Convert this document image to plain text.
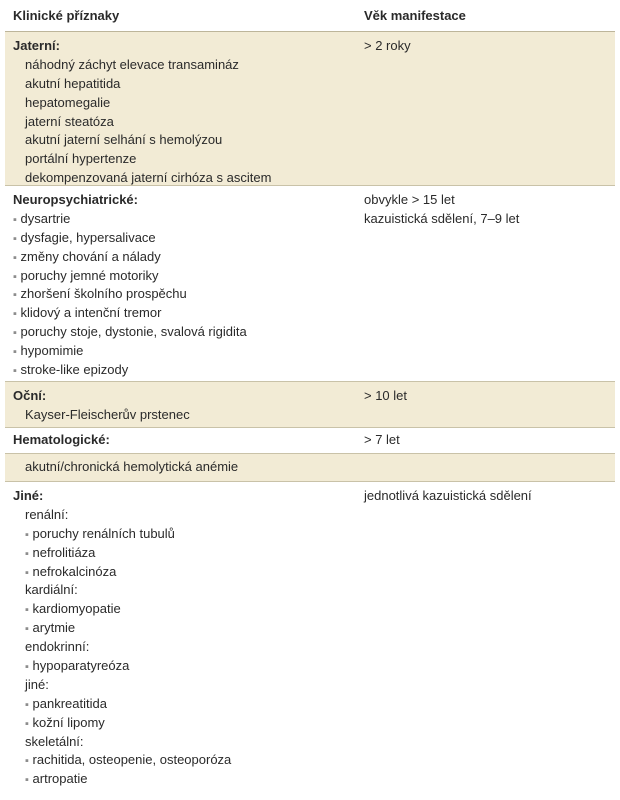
Klinické příznaky	Věk manifestace
Jaterní:
náhodný záchyt elevace transamináz
akutní hepatitida
hepatomegalie
jaterní steatóza
akutní jaterní selhání s hemolýzou
portální hypertenze
dekompenzovaná jaterní cirhóza s ascitem
> 2 roky
Neuropsychiatrické:
▪ dysartrie
▪ dysfagie, hypersalivace
▪ změny chování a nálady
▪ poruchy jemné motoriky
▪ zhoršení školního prospěchu
▪ klidový a intenční tremor
▪ poruchy stoje, dystonie, svalová rigidita
▪ hypomimie
▪ stroke-like epizody
obvykle > 15 let
kazuistická sdělení, 7–9 let
Oční:
Kayser-Fleischerův prstenec
> 10 let
Hematologické:	> 7 let
akutní/chronická hemolytická anémie
Jiné:
renální:
▪ poruchy renálních tubulů
▪ nefrolitiáza
▪ nefrokalcinóza
kardiální:
▪ kardiomyopatie
▪ arytmie
endokrinní:
▪ hypoparatyreóza
jiné:
▪ pankreatitida
▪ kožní lipomy
skeletální:
▪ rachitida, osteopenie, osteoporóza
▪ artropatie
jednotlivá kazuistická sdělení
